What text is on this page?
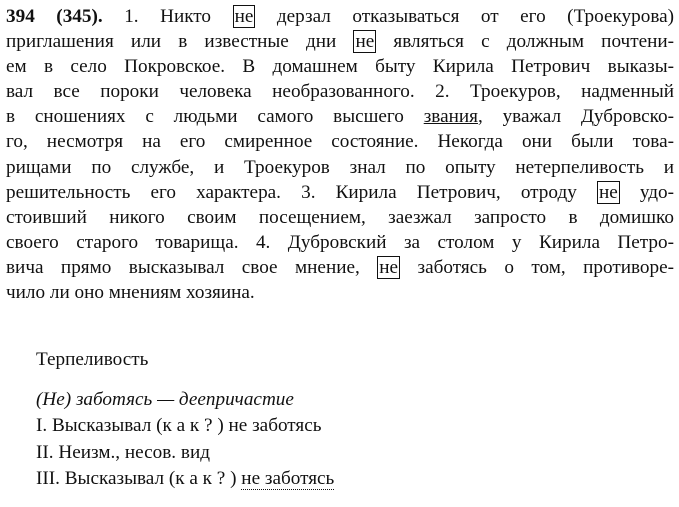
394 (345). 1. Никто не дерзал отказываться от его (Троекурова)
приглашения или в известные дни не являться с должным почтени-
ем в село Покровское. В домашнем быту Кирила Петрович выказы-
вал все пороки человека необразованного. 2. Троекуров, надменный
в сношениях с людьми самого высшего звания, уважал Дубровско-
го, несмотря на его смиренное состояние. Некогда они были това-
рищами по службе, и Троекуров знал по опыту нетерпеливость и
решительность его характера. 3. Кирила Петрович, отроду не удо-
стоивший никого своим посещением, заезжал запросто в домишко
своего старого товарища. 4. Дубровский за столом у Кирила Петро-
вича прямо высказывал свое мнение, не заботясь о том, противоре-
чило ли оно мнениям хозяина.
Терпеливость
(Не) заботясь — деепричастие
I. Высказывал (к а к ? ) не заботясь
II. Неизм., несов. вид
III. Высказывал (к а к ? ) не заботясь
